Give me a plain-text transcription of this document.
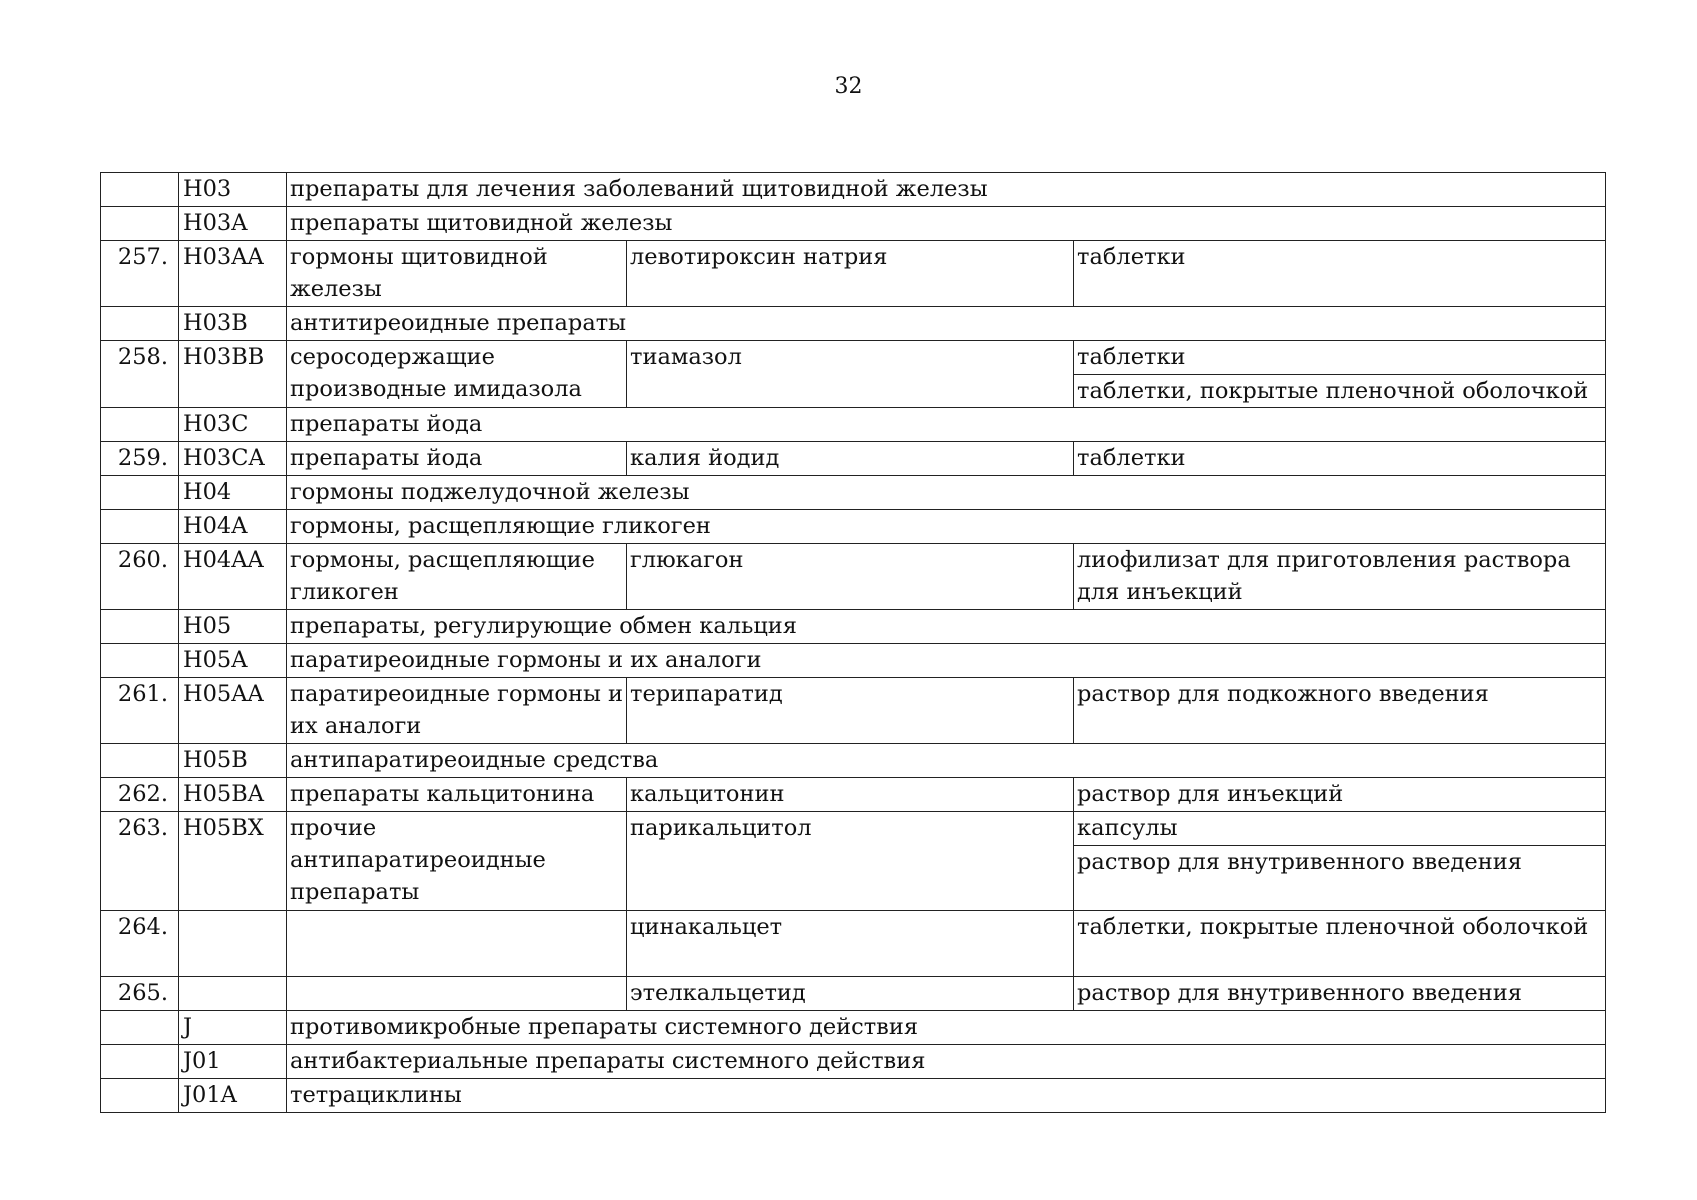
32
	H03	препараты для лечения заболеваний щитовидной железы		
	H03A	препараты щитовидной железы		
257.	H03AA	гормоны щитовидной железы	левотироксин натрия	таблетки
	H03B	антитиреоидные препараты		
258.	H03BB	серосодержащие производные имидазола	тиамазол	таблетки
				таблетки, покрытые пленочной оболочкой
	H03C	препараты йода		
259.	H03CA	препараты йода	калия йодид	таблетки
	H04	гормоны поджелудочной железы		
	H04A	гормоны, расщепляющие гликоген		
260.	H04AA	гормоны, расщепляющие гликоген	глюкагон	лиофилизат для приготовления раствора для инъекций
	H05	препараты, регулирующие обмен кальция		
	H05A	паратиреоидные гормоны и их аналоги		
261.	H05AA	паратиреоидные гормоны и их аналоги	терипаратид	раствор для подкожного введения
	H05B	антипаратиреоидные средства		
262.	H05BA	препараты кальцитонина	кальцитонин	раствор для инъекций
263.	H05BX	прочие антипаратиреоидные препараты	парикальцитол	капсулы
				раствор для внутривенного введения
264.			цинакальцет	таблетки, покрытые пленочной оболочкой
265.			этелкальцетид	раствор для внутривенного введения
	J	противомикробные препараты системного действия		
	J01	антибактериальные препараты системного действия		
	J01A	тетрациклины		
